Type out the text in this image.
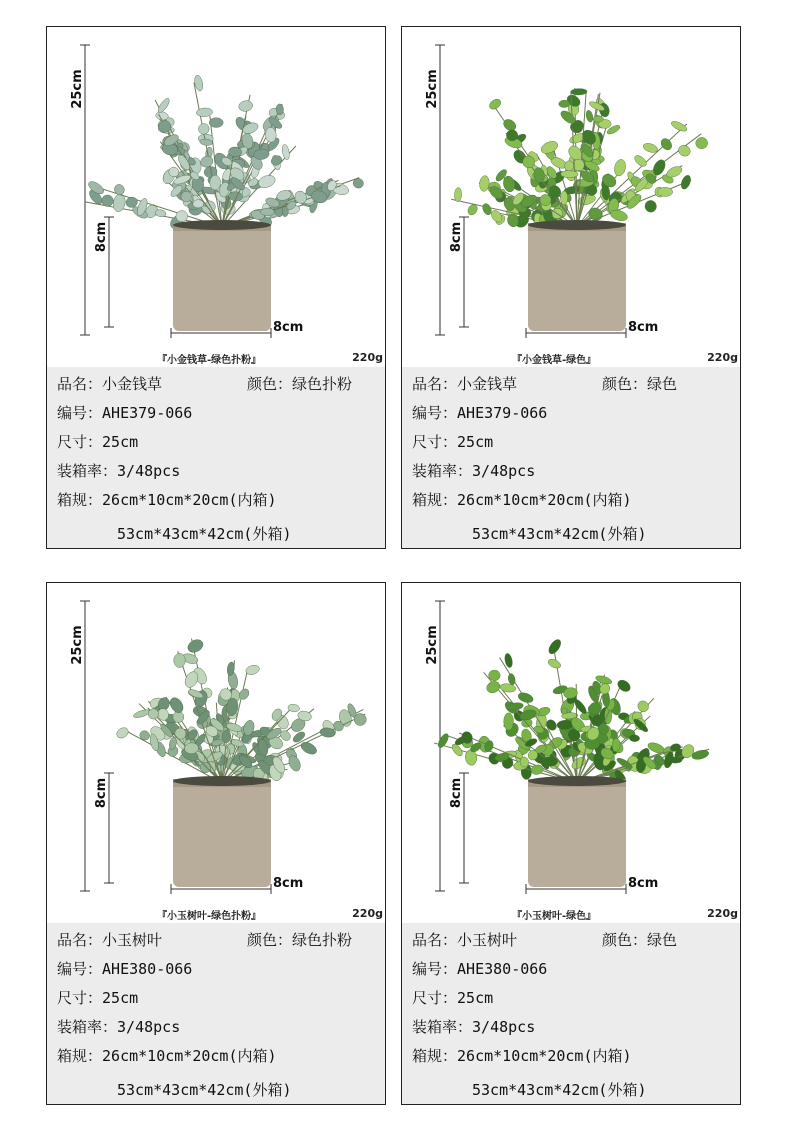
25cm
8cm
8cm
『小金钱草-绿色扑粉』	220g
品名：小金钱草	颜色：绿色扑粉
编号：AHE379-066
尺寸：25cm
装箱率：3/48pcs
箱规：26cm*10cm*20cm(内箱)
53cm*43cm*42cm(外箱)
25cm
8cm
8cm
『小金钱草-绿色』	220g
品名：小金钱草	颜色：绿色
编号：AHE379-066
尺寸：25cm
装箱率：3/48pcs
箱规：26cm*10cm*20cm(内箱)
53cm*43cm*42cm(外箱)
25cm
8cm
8cm
『小玉树叶-绿色扑粉』	220g
品名：小玉树叶	颜色：绿色扑粉
编号：AHE380-066
尺寸：25cm
装箱率：3/48pcs
箱规：26cm*10cm*20cm(内箱)
53cm*43cm*42cm(外箱)
25cm
8cm
8cm
『小玉树叶-绿色』	220g
品名：小玉树叶	颜色：绿色
编号：AHE380-066
尺寸：25cm
装箱率：3/48pcs
箱规：26cm*10cm*20cm(内箱)
53cm*43cm*42cm(外箱)
